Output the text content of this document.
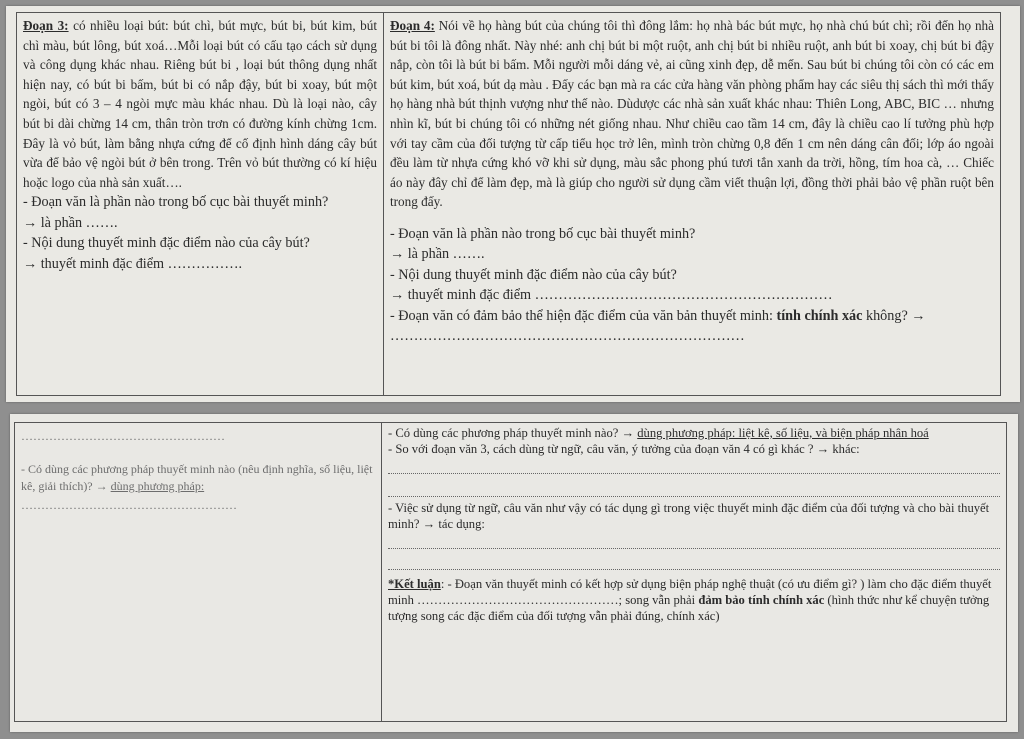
Đoạn 3: có nhiều loại bút: bút chì, bút mực, bút bi, bút kim, bút chì màu, bút lông, bút xoá…Mỗi loại bút có cấu tạo cách sử dụng và công dụng khác nhau. Riêng bút bi , loại bút thông dụng nhất hiện nay, có bút bi bấm, bút bi có nắp đậy, bút bi xoay, bút một ngòi, bút có 3 – 4 ngòi mực màu khác nhau. Dù là loại nào, cây bút bi dài chừng 14 cm, thân tròn trơn có đường kính chừng 1cm. Đây là vỏ bút, làm bằng nhựa cứng để cố định hình dáng cây bút vừa để bảo vệ ngòi bút ở bên trong. Trên vỏ bút thường có kí hiệu hoặc logo của nhà sản xuất….

- Đoạn văn là phần nào trong bố cục bài thuyết minh?

→ là phần …….

- Nội dung thuyết minh đặc điểm nào của cây bút?

→ thuyết minh đặc điểm …………….

Đoạn 4: Nói về họ hàng bút của chúng tôi thì đông lắm: họ nhà bác bút mực, họ nhà chú bút chì; rồi đến họ nhà bút bi tôi là đông nhất. Này nhé: anh chị bút bi một ruột, anh chị bút bi nhiều ruột, anh bút bi xoay, chị bút bi đậy nắp, còn tôi là bút bi bấm. Mỗi người mỗi dáng vẻ, ai cũng xinh đẹp, dễ mến. Sau bút bi chúng tôi còn có các em bút kim, bút xoá, bút dạ màu . Đấy các bạn mà ra các cửa hàng văn phòng phẩm hay các siêu thị sách thì mới thấy họ hàng nhà bút thịnh vượng như thế nào. Dùdược các nhà sản xuất khác nhau: Thiên Long, ABC, BIC … nhưng nhìn kĩ, bút bi chúng tôi có những nét giống nhau. Như chiều cao tầm 14 cm, đây là chiều cao lí tưởng phù hợp với tay cầm của đối tượng từ cấp tiểu học trở lên, mình tròn chừng 0,8 đến 1 cm nên dáng cân đối; lớp áo ngoài đều làm từ nhựa cứng khó vỡ khi sử dụng, màu sắc phong phú tươi tắn xanh da trời, hồng, tím hoa cà, … Chiếc áo này đây chỉ để làm đẹp, mà là giúp cho người sử dụng cầm viết thuận lợi, đồng thời phải bảo vệ phần ruột bên trong đấy.

- Đoạn văn là phần nào trong bố cục bài thuyết minh?

→ là phần …….

- Nội dung thuyết minh đặc điểm nào của cây bút?

→ thuyết minh đặc điểm ………………………………………………………

- Đoạn văn có đảm bảo thể hiện đặc điểm của văn bản thuyết minh: tính chính xác không? → …………………………………………………………………

……………………………………………

- Có dùng các phương pháp thuyết minh nào (nêu định nghĩa, số liệu, liệt kê, giải thích)? → dùng phương pháp:

………………………………………………

- Có dùng các phương pháp thuyết minh nào? → dùng phương pháp: liệt kê, số liệu, và biện pháp nhân hoá

- So với đoạn văn 3, cách dùng từ ngữ, câu văn, ý tưởng của đoạn văn 4 có gì khác ? → khác:

- Việc sử dụng từ ngữ, câu văn như vậy có tác dụng gì trong việc thuyết minh đặc điểm của đối tượng và cho bài thuyết minh? → tác dụng:

*Kết luận: - Đoạn văn thuyết minh có kết hợp sử dụng biện pháp nghệ thuật (có ưu điểm gì? ) làm cho đặc điểm thuyết minh …………………………………………; song vẫn phải đảm bảo tính chính xác (hình thức như kể chuyện tưởng tượng song các đặc điểm của đối tượng vẫn phải đúng, chính xác)
